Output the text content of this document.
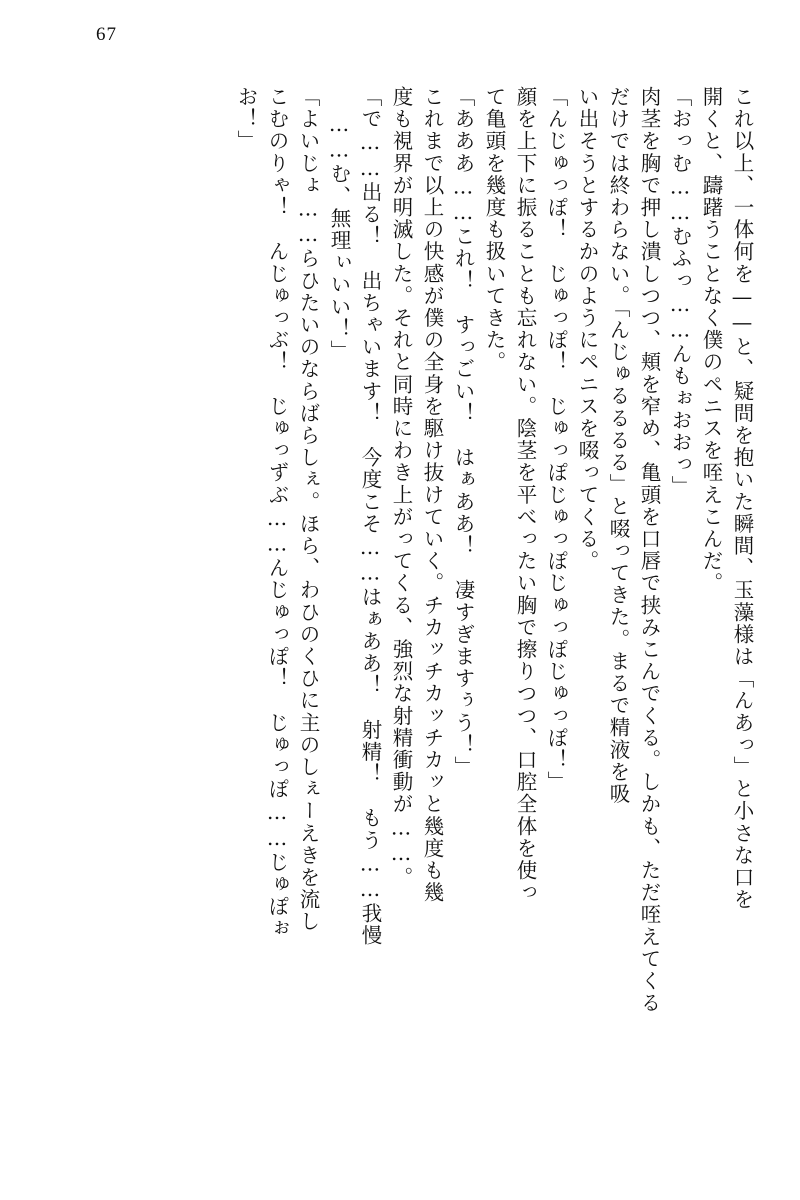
67
これ以上、一体何を——と、疑問を抱いた瞬間、玉藻様は「んあっ」と小さな口を
開くと、躊躇うことなく僕のペニスを咥えこんだ。
「おっむ……むふっ……んもぉおおっ」
肉茎を胸で押し潰しつつ、頬を窄め、亀頭を口唇で挟みこんでくる。しかも、ただ咥えてくる
だけでは終わらない。「んじゅるるるる」と啜ってきた。まるで精液を吸
い出そうとするかのようにペニスを啜ってくる。
「んじゅっぽ！　じゅっぽ！　じゅっぽじゅっぽじゅっぽじゅっぽ！」
顔を上下に振ることも忘れない。陰茎を平べったい胸で擦りつつ、口腔全体を使っ
て亀頭を幾度も扱いてきた。
「あああ……これ！　すっごい！　はぁああ！　凄すぎますぅう！」
これまで以上の快感が僕の全身を駆け抜けていく。チカッチカッチカッと幾度も幾
度も視界が明滅した。それと同時にわき上がってくる、強烈な射精衝動が……。
「で……出る！　出ちゃいます！　今度こそ……はぁああ！　射精！　もう……我慢
……む、無理ぃいい！」
「よいじょ……らひたいのならばらしぇ。ほら、わひのくひに主のしぇーえきを流し
こむのりゃ！　んじゅっぶ！　じゅっずぶ……んじゅっぽ！　じゅっぽ……じゅぽぉ
お！」
